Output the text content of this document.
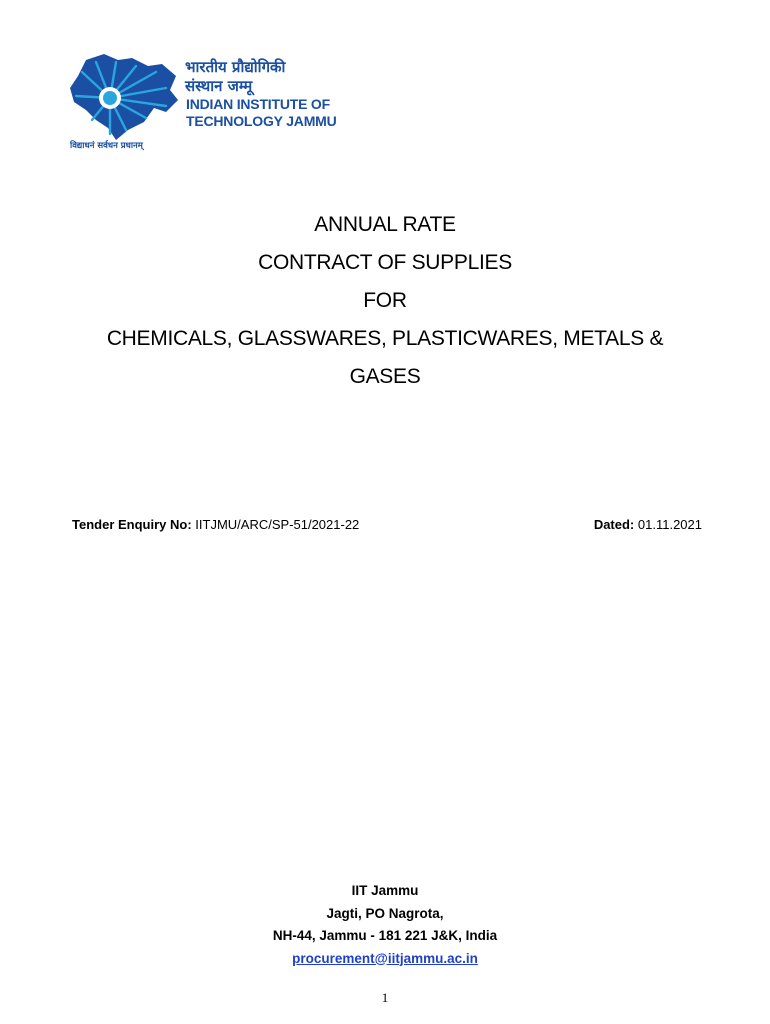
भारतीय प्रौद्योगिकी
संस्थान जम्मू
INDIAN INSTITUTE OF
TECHNOLOGY JAMMU
विद्याधनं सर्वधन प्रधानम्
ANNUAL RATE
CONTRACT OF SUPPLIES
FOR
CHEMICALS, GLASSWARES, PLASTICWARES, METALS &
GASES
Tender Enquiry No: IITJMU/ARC/SP-51/2021-22	Dated: 01.11.2021
IIT Jammu
Jagti, PO Nagrota,
NH-44, Jammu - 181 221 J&K, India
procurement@iitjammu.ac.in
1
